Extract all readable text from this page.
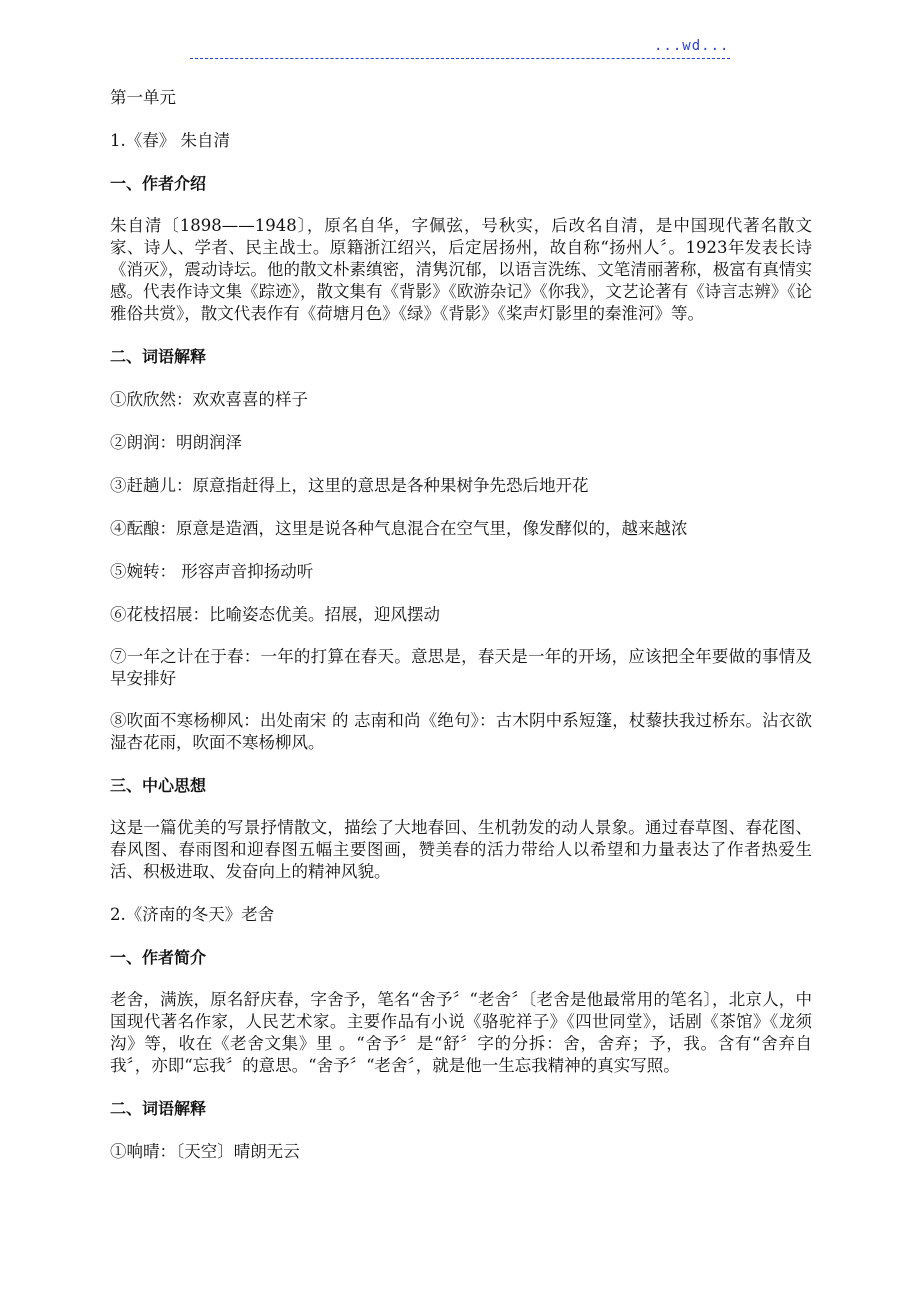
...wd...
第一单元
1.《春》 朱自清
一、作者介绍
朱自清〔1898——1948〕，原名自华，字佩弦，号秋实，后改名自清，是中国现代著名散文家、诗人、学者、民主战士。原籍浙江绍兴，后定居扬州，故自称“扬州人〞。1923年发表长诗《消灭》，震动诗坛。他的散文朴素缜密，清隽沉郁，以语言洗练、文笔清丽著称，极富有真情实感。代表作诗文集《踪迹》，散文集有《背影》《欧游杂记》《你我》，文艺论著有《诗言志辨》《论雅俗共赏》，散文代表作有《荷塘月色》《绿》《背影》《桨声灯影里的秦淮河》等。
二、词语解释
①欣欣然：欢欢喜喜的样子
②朗润：明朗润泽
③赶趟儿：原意指赶得上，这里的意思是各种果树争先恐后地开花
④酝酿：原意是造酒，这里是说各种气息混合在空气里，像发酵似的，越来越浓
⑤婉转： 形容声音抑扬动听
⑥花枝招展：比喻姿态优美。招展，迎风摆动
⑦一年之计在于春：一年的打算在春天。意思是，春天是一年的开场，应该把全年要做的事情及早安排好
⑧吹面不寒杨柳风：出处南宋 的 志南和尚《绝句》：古木阴中系短篷，杖藜扶我过桥东。沾衣欲湿杏花雨，吹面不寒杨柳风。
三、中心思想
这是一篇优美的写景抒情散文，描绘了大地春回、生机勃发的动人景象。通过春草图、春花图、春风图、春雨图和迎春图五幅主要图画，赞美春的活力带给人以希望和力量表达了作者热爱生活、积极进取、发奋向上的精神风貌。
2.《济南的冬天》老舍
一、作者简介
老舍，满族，原名舒庆春，字舍予，笔名“舍予〞“老舍〞〔老舍是他最常用的笔名〕，北京人，中国现代著名作家，人民艺术家。主要作品有小说《骆驼祥子》《四世同堂》，话剧《茶馆》《龙须沟》等，收在《老舍文集》里 。“舍予〞是“舒〞字的分拆：舍，舍弃；予，我。含有“舍弃自我〞，亦即“忘我〞的意思。“舍予〞“老舍〞，就是他一生忘我精神的真实写照。
二、词语解释
①响晴：〔天空〕晴朗无云
